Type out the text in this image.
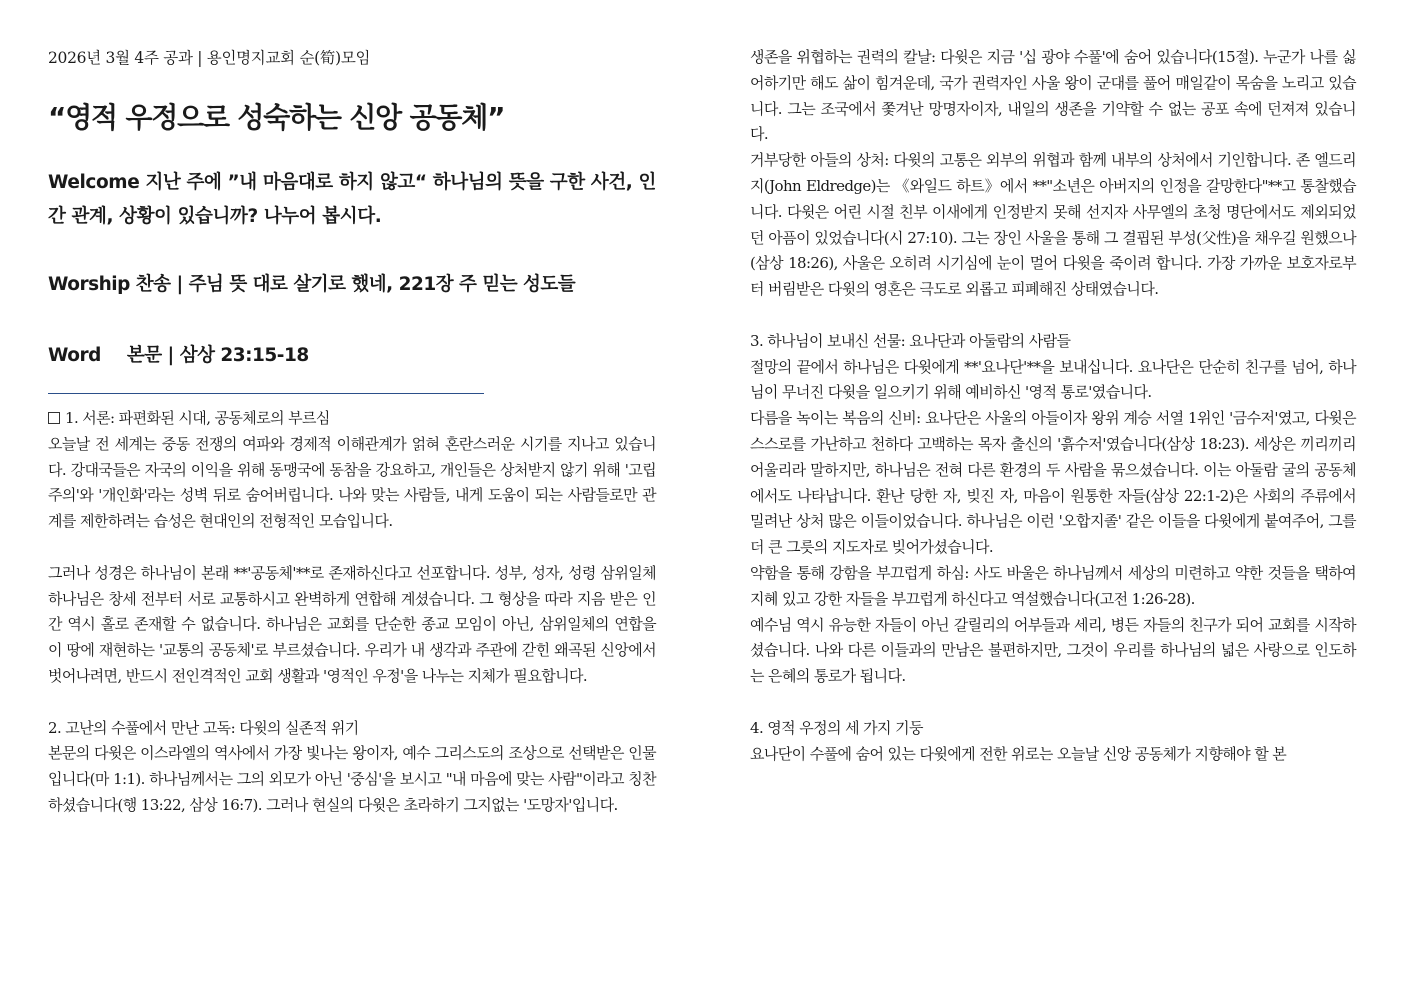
2026년 3월 4주 공과 | 용인명지교회 순(筍)모임
“영적 우정으로 성숙하는 신앙 공동체”
Welcome 지난 주에 ”내 마음대로 하지 않고“ 하나님의 뜻을 구한 사건, 인간 관계, 상황이 있습니까? 나누어 봅시다.
Worship 찬송 | 주님 뜻 대로 살기로 했네, 221장 주 믿는 성도들
Word 본문 | 삼상 23:15-18

1. 서론: 파편화된 시대, 공동체로의 부르심

오늘날 전 세계는 중동 전쟁의 여파와 경제적 이해관계가 얽혀 혼란스러운 시기를 지나고 있습니다. 강대국들은 자국의 이익을 위해 동맹국에 동참을 강요하고, 개인들은 상처받지 않기 위해 '고립주의'와 '개인화'라는 성벽 뒤로 숨어버립니다. 나와 맞는 사람들, 내게 도움이 되는 사람들로만 관계를 제한하려는 습성은 현대인의 전형적인 모습입니다.

그러나 성경은 하나님이 본래 **'공동체'**로 존재하신다고 선포합니다. 성부, 성자, 성령 삼위일체 하나님은 창세 전부터 서로 교통하시고 완벽하게 연합해 계셨습니다. 그 형상을 따라 지음 받은 인간 역시 홀로 존재할 수 없습니다. 하나님은 교회를 단순한 종교 모임이 아닌, 삼위일체의 연합을 이 땅에 재현하는 '교통의 공동체'로 부르셨습니다. 우리가 내 생각과 주관에 갇힌 왜곡된 신앙에서 벗어나려면, 반드시 전인격적인 교회 생활과 '영적인 우정'을 나누는 지체가 필요합니다.

2. 고난의 수풀에서 만난 고독: 다윗의 실존적 위기

본문의 다윗은 이스라엘의 역사에서 가장 빛나는 왕이자, 예수 그리스도의 조상으로 선택받은 인물입니다(마 1:1). 하나님께서는 그의 외모가 아닌 '중심'을 보시고 "내 마음에 맞는 사람"이라고 칭찬하셨습니다(행 13:22, 삼상 16:7). 그러나 현실의 다윗은 초라하기 그지없는 '도망자'입니다.

생존을 위협하는 권력의 칼날: 다윗은 지금 '십 광야 수풀'에 숨어 있습니다(15절). 누군가 나를 싫어하기만 해도 삶이 힘겨운데, 국가 권력자인 사울 왕이 군대를 풀어 매일같이 목숨을 노리고 있습니다. 그는 조국에서 쫓겨난 망명자이자, 내일의 생존을 기약할 수 없는 공포 속에 던져져 있습니다.

거부당한 아들의 상처: 다윗의 고통은 외부의 위협과 함께 내부의 상처에서 기인합니다. 존 엘드리지(John Eldredge)는 《와일드 하트》에서 **"소년은 아버지의 인정을 갈망한다"**고 통찰했습니다. 다윗은 어린 시절 친부 이새에게 인정받지 못해 선지자 사무엘의 초청 명단에서도 제외되었던 아픔이 있었습니다(시 27:10). 그는 장인 사울을 통해 그 결핍된 부성(父性)을 채우길 원했으나(삼상 18:26), 사울은 오히려 시기심에 눈이 멀어 다윗을 죽이려 합니다. 가장 가까운 보호자로부터 버림받은 다윗의 영혼은 극도로 외롭고 피폐해진 상태였습니다.

3. 하나님이 보내신 선물: 요나단과 아둘람의 사람들

절망의 끝에서 하나님은 다윗에게 **'요나단'**을 보내십니다. 요나단은 단순히 친구를 넘어, 하나님이 무너진 다윗을 일으키기 위해 예비하신 '영적 통로'였습니다.

다름을 녹이는 복음의 신비: 요나단은 사울의 아들이자 왕위 계승 서열 1위인 '금수저'였고, 다윗은 스스로를 가난하고 천하다 고백하는 목자 출신의 '흙수저'였습니다(삼상 18:23). 세상은 끼리끼리 어울리라 말하지만, 하나님은 전혀 다른 환경의 두 사람을 묶으셨습니다. 이는 아둘람 굴의 공동체에서도 나타납니다. 환난 당한 자, 빚진 자, 마음이 원통한 자들(삼상 22:1-2)은 사회의 주류에서 밀려난 상처 많은 이들이었습니다. 하나님은 이런 '오합지졸' 같은 이들을 다윗에게 붙여주어, 그를 더 큰 그릇의 지도자로 빚어가셨습니다.

약함을 통해 강함을 부끄럽게 하심: 사도 바울은 하나님께서 세상의 미련하고 약한 것들을 택하여 지혜 있고 강한 자들을 부끄럽게 하신다고 역설했습니다(고전 1:26-28).

예수님 역시 유능한 자들이 아닌 갈릴리의 어부들과 세리, 병든 자들의 친구가 되어 교회를 시작하셨습니다. 나와 다른 이들과의 만남은 불편하지만, 그것이 우리를 하나님의 넓은 사랑으로 인도하는 은혜의 통로가 됩니다.

4. 영적 우정의 세 가지 기둥

요나단이 수풀에 숨어 있는 다윗에게 전한 위로는 오늘날 신앙 공동체가 지향해야 할 본
